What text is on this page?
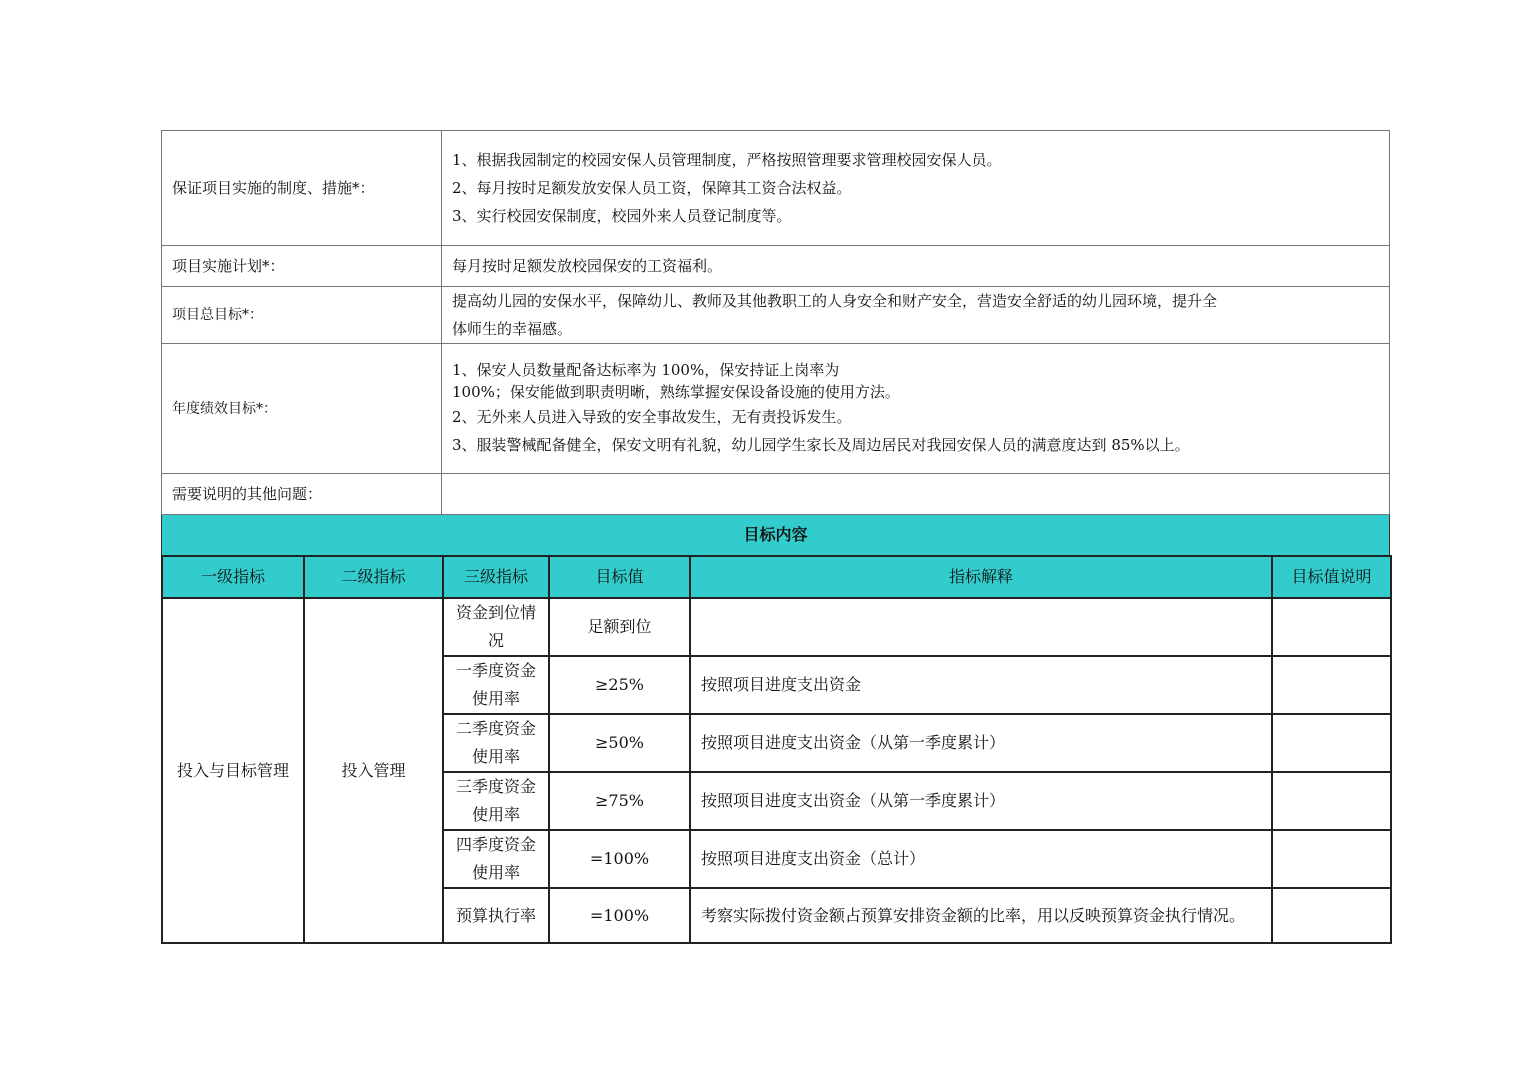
保证项目实施的制度、措施*：	1、根据我园制定的校园安保人员管理制度，严格按照管理要求管理校园安保人员。
2、每月按时足额发放安保人员工资，保障其工资合法权益。
3、实行校园安保制度，校园外来人员登记制度等。

项目实施计划*：	每月按时足额发放校园保安的工资福利。

项目总目标*：	提高幼儿园的安保水平，保障幼儿、教师及其他教职工的人身安全和财产安全，营造安全舒适的幼儿园环境，提升全
体师生的幸福感。

年度绩效目标*：	1、保安人员数量配备达标率为 100%，保安持证上岗率为
100%；保安能做到职责明晰，熟练掌握安保设备设施的使用方法。
2、无外来人员进入导致的安全事故发生，无有责投诉发生。
3、服装警械配备健全，保安文明有礼貌，幼儿园学生家长及周边居民对我园安保人员的满意度达到 85%以上。

需要说明的其他问题：	
目标内容
一级指标	二级指标	三级指标	目标值	指标解释	目标值说明
投入与目标管理	投入管理	资金到位情况	足额到位		
		一季度资金使用率	≥25%	按照项目进度支出资金	
		二季度资金使用率	≥50%	按照项目进度支出资金（从第一季度累计）	
		三季度资金使用率	≥75%	按照项目进度支出资金（从第一季度累计）	
		四季度资金使用率	=100%	按照项目进度支出资金（总计）	
		预算执行率	=100%	考察实际拨付资金额占预算安排资金额的比率，用以反映预算资金执行情况。	
